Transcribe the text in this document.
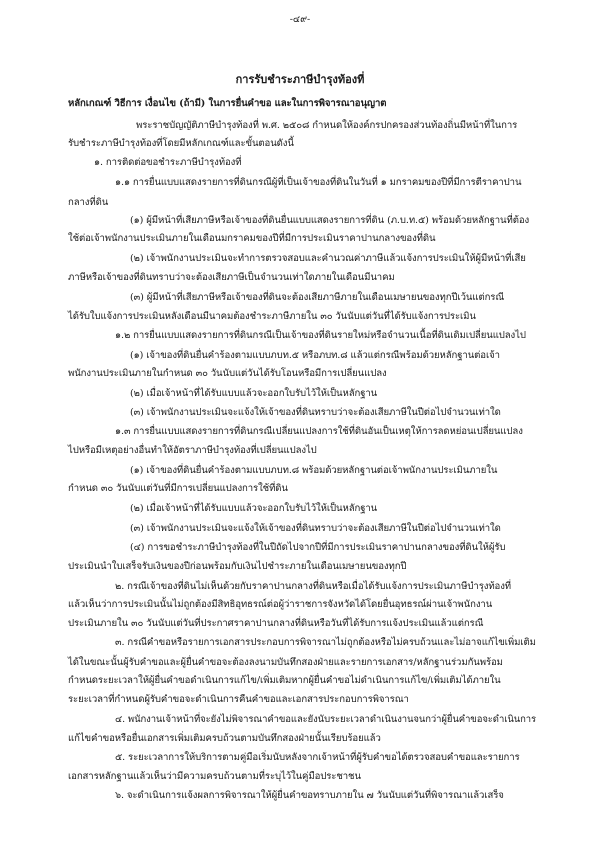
-๔๙-
การรับชำระภาษีบำรุงท้องที่
หลักเกณฑ์ วิธีการ เงื่อนไข (ถ้ามี) ในการยื่นคำขอ และในการพิจารณาอนุญาต
พระราชบัญญัติภาษีบำรุงท้องที่ พ.ศ. ๒๕๐๘ กำหนดให้องค์กรปกครองส่วนท้องถิ่นมีหน้าที่ในการ
รับชำระภาษีบำรุงท้องที่โดยมีหลักเกณฑ์และขั้นตอนดังนี้
๑. การติดต่อขอชำระภาษีบำรุงท้องที่
๑.๑ การยื่นแบบแสดงรายการที่ดินกรณีผู้ที่เป็นเจ้าของที่ดินในวันที่ ๑ มกราคมของปีที่มีการตีราคาปาน
กลางที่ดิน
(๑) ผู้มีหน้าที่เสียภาษีหรือเจ้าของที่ดินยื่นแบบแสดงรายการที่ดิน (ภ.บ.ท.๕) พร้อมด้วยหลักฐานที่ต้อง
ใช้ต่อเจ้าพนักงานประเมินภายในเดือนมกราคมของปีที่มีการประเมินราคาปานกลางของที่ดิน
(๒) เจ้าพนักงานประเมินจะทำการตรวจสอบและคำนวณค่าภาษีแล้วแจ้งการประเมินให้ผู้มีหน้าที่เสีย
ภาษีหรือเจ้าของที่ดินทราบว่าจะต้องเสียภาษีเป็นจำนวนเท่าใดภายในเดือนมีนาคม
(๓) ผู้มีหน้าที่เสียภาษีหรือเจ้าของที่ดินจะต้องเสียภาษีภายในเดือนเมษายนของทุกปีเว้นแต่กรณี
ได้รับใบแจ้งการประเมินหลังเดือนมีนาคมต้องชำระภาษีภายใน ๓๐ วันนับแต่วันที่ได้รับแจ้งการประเมิน
๑.๒ การยื่นแบบแสดงรายการที่ดินกรณีเป็นเจ้าของที่ดินรายใหม่หรือจำนวนเนื้อที่ดินเดิมเปลี่ยนแปลงไป
(๑) เจ้าของที่ดินยื่นคำร้องตามแบบภบท.๕ หรือภบท.๘ แล้วแต่กรณีพร้อมด้วยหลักฐานต่อเจ้า
พนักงานประเมินภายในกำหนด ๓๐ วันนับแต่วันได้รับโอนหรือมีการเปลี่ยนแปลง
(๒) เมื่อเจ้าหน้าที่ได้รับแบบแล้วจะออกใบรับไว้ให้เป็นหลักฐาน
(๓) เจ้าพนักงานประเมินจะแจ้งให้เจ้าของที่ดินทราบว่าจะต้องเสียภาษีในปีต่อไปจำนวนเท่าใด
๑.๓ การยื่นแบบแสดงรายการที่ดินกรณีเปลี่ยนแปลงการใช้ที่ดินอันเป็นเหตุให้การลดหย่อนเปลี่ยนแปลง
ไปหรือมีเหตุอย่างอื่นทำให้อัตราภาษีบำรุงท้องที่เปลี่ยนแปลงไป
(๑) เจ้าของที่ดินยื่นคำร้องตามแบบภบท.๘ พร้อมด้วยหลักฐานต่อเจ้าพนักงานประเมินภายใน
กำหนด ๓๐ วันนับแต่วันที่มีการเปลี่ยนแปลงการใช้ที่ดิน
(๒) เมื่อเจ้าหน้าที่ได้รับแบบแล้วจะออกใบรับไว้ให้เป็นหลักฐาน
(๓) เจ้าพนักงานประเมินจะแจ้งให้เจ้าของที่ดินทราบว่าจะต้องเสียภาษีในปีต่อไปจำนวนเท่าใด
(๔) การขอชำระภาษีบำรุงท้องที่ในปีถัดไปจากปีที่มีการประเมินราคาปานกลางของที่ดินให้ผู้รับ
ประเมินนำใบเสร็จรับเงินของปีก่อนพร้อมกับเงินไปชำระภายในเดือนเมษายนของทุกปี
๒. กรณีเจ้าของที่ดินไม่เห็นด้วยกับราคาปานกลางที่ดินหรือเมื่อได้รับแจ้งการประเมินภาษีบำรุงท้องที่
แล้วเห็นว่าการประเมินนั้นไม่ถูกต้องมีสิทธิอุทธรณ์ต่อผู้ว่าราชการจังหวัดได้โดยยื่นอุทธรณ์ผ่านเจ้าพนักงาน
ประเมินภายใน ๓๐ วันนับแต่วันที่ประกาศราคาปานกลางที่ดินหรือวันที่ได้รับการแจ้งประเมินแล้วแต่กรณี
๓. กรณีคำขอหรือรายการเอกสารประกอบการพิจารณาไม่ถูกต้องหรือไม่ครบถ้วนและไม่อาจแก้ไขเพิ่มเติม
ได้ในขณะนั้นผู้รับคำขอและผู้ยื่นคำขอจะต้องลงนามบันทึกสองฝ่ายและรายการเอกสาร/หลักฐานร่วมกันพร้อม
กำหนดระยะเวลาให้ผู้ยื่นคำขอดำเนินการแก้ไข/เพิ่มเติมหากผู้ยื่นคำขอไม่ดำเนินการแก้ไข/เพิ่มเติมได้ภายใน
ระยะเวลาที่กำหนดผู้รับคำขอจะดำเนินการคืนคำขอและเอกสารประกอบการพิจารณา
๔. พนักงานเจ้าหน้าที่จะยังไม่พิจารณาคำขอและยังนับระยะเวลาดำเนินงานจนกว่าผู้ยื่นคำขอจะดำเนินการ
แก้ไขคำขอหรือยื่นเอกสารเพิ่มเติมครบถ้วนตามบันทึกสองฝ่ายนั้นเรียบร้อยแล้ว
๕. ระยะเวลาการให้บริการตามคู่มือเริ่มนับหลังจากเจ้าหน้าที่ผู้รับคำขอได้ตรวจสอบคำขอและรายการ
เอกสารหลักฐานแล้วเห็นว่ามีความครบถ้วนตามที่ระบุไว้ในคู่มือประชาชน
๖. จะดำเนินการแจ้งผลการพิจารณาให้ผู้ยื่นคำขอทราบภายใน ๗ วันนับแต่วันที่พิจารณาแล้วเสร็จ
